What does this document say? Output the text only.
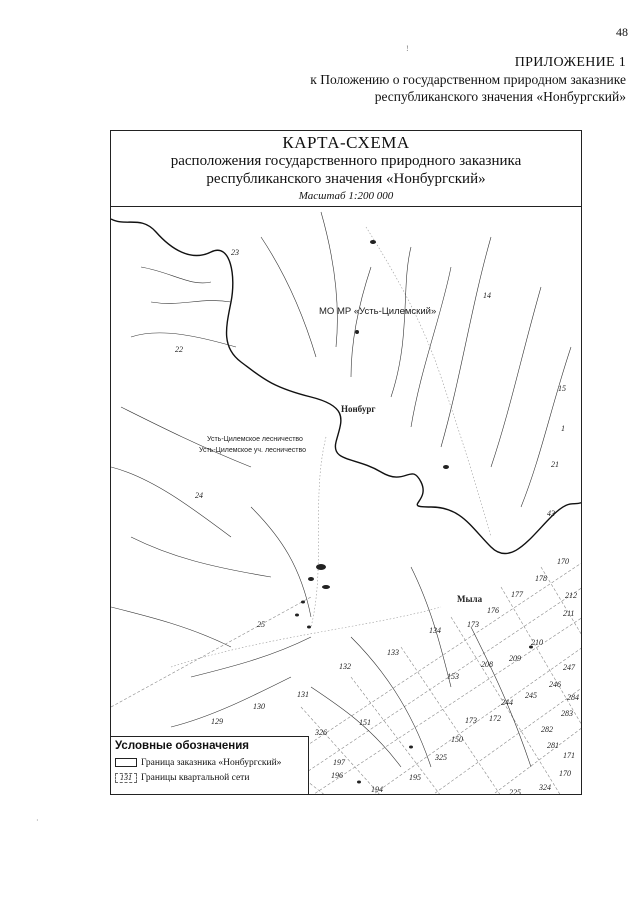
48
ПРИЛОЖЕНИЕ 1
к Положению о государственном природном заказнике
республиканского значения «Нонбургский»
КАРТА-СХЕМА
расположения государственного природного заказника
республиканского значения «Нонбургский»
Масштаб 1:200 000
МО МР «Усть-Цилемский»
Нонбург
Мыла
Усть-Цилемское лесничество
Усть-Цилемское уч. лесничество
23
14
22
15
1
21
24
43
170
178
177	212
176	211
173
210
25
134
209
247
133
208
246
132
153
245	284
131
244
283
130
173
282
129	151	172
281
326
150
171
197
325
170
196	195
194	225
324
Условные обозначения
Граница заказника «Нонбургский»
131 Границы квартальной сети
!
·
